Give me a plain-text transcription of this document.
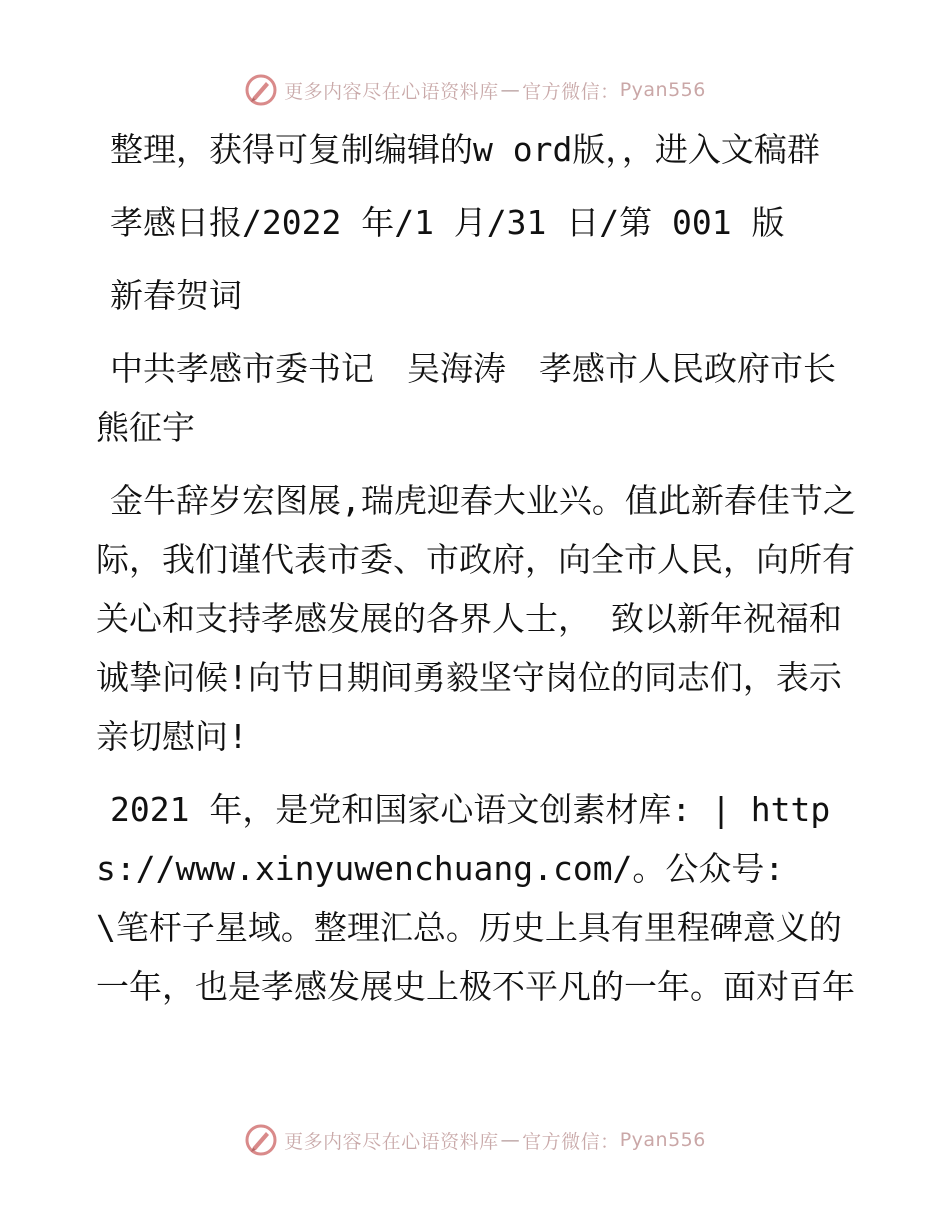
更多内容尽在心语资料库 — 官方微信： Pyan556

整理，获得可复制编辑的w ord版，，进入文稿群

孝感日报/2022 年/1 月/31 日/第 001 版

新春贺词

中共孝感市委书记　吴海涛　孝感市人民政府市长　熊征宇

金牛辞岁宏图展,瑞虎迎春大业兴。值此新春佳节之际，我们谨代表市委、市政府，向全市人民，向所有关心和支持孝感发展的各界人士， 致以新年祝福和诚挚问候!向节日期间勇毅坚守岗位的同志们，表示亲切慰问!

2021 年，是党和国家心语文创素材库: | https://www.xinyuwenchuang.com/。公众号: \笔杆子星域。整理汇总。历史上具有里程碑意义的一年，也是孝感发展史上极不平凡的一年。面对百年

更多内容尽在心语资料库 — 官方微信： Pyan556
